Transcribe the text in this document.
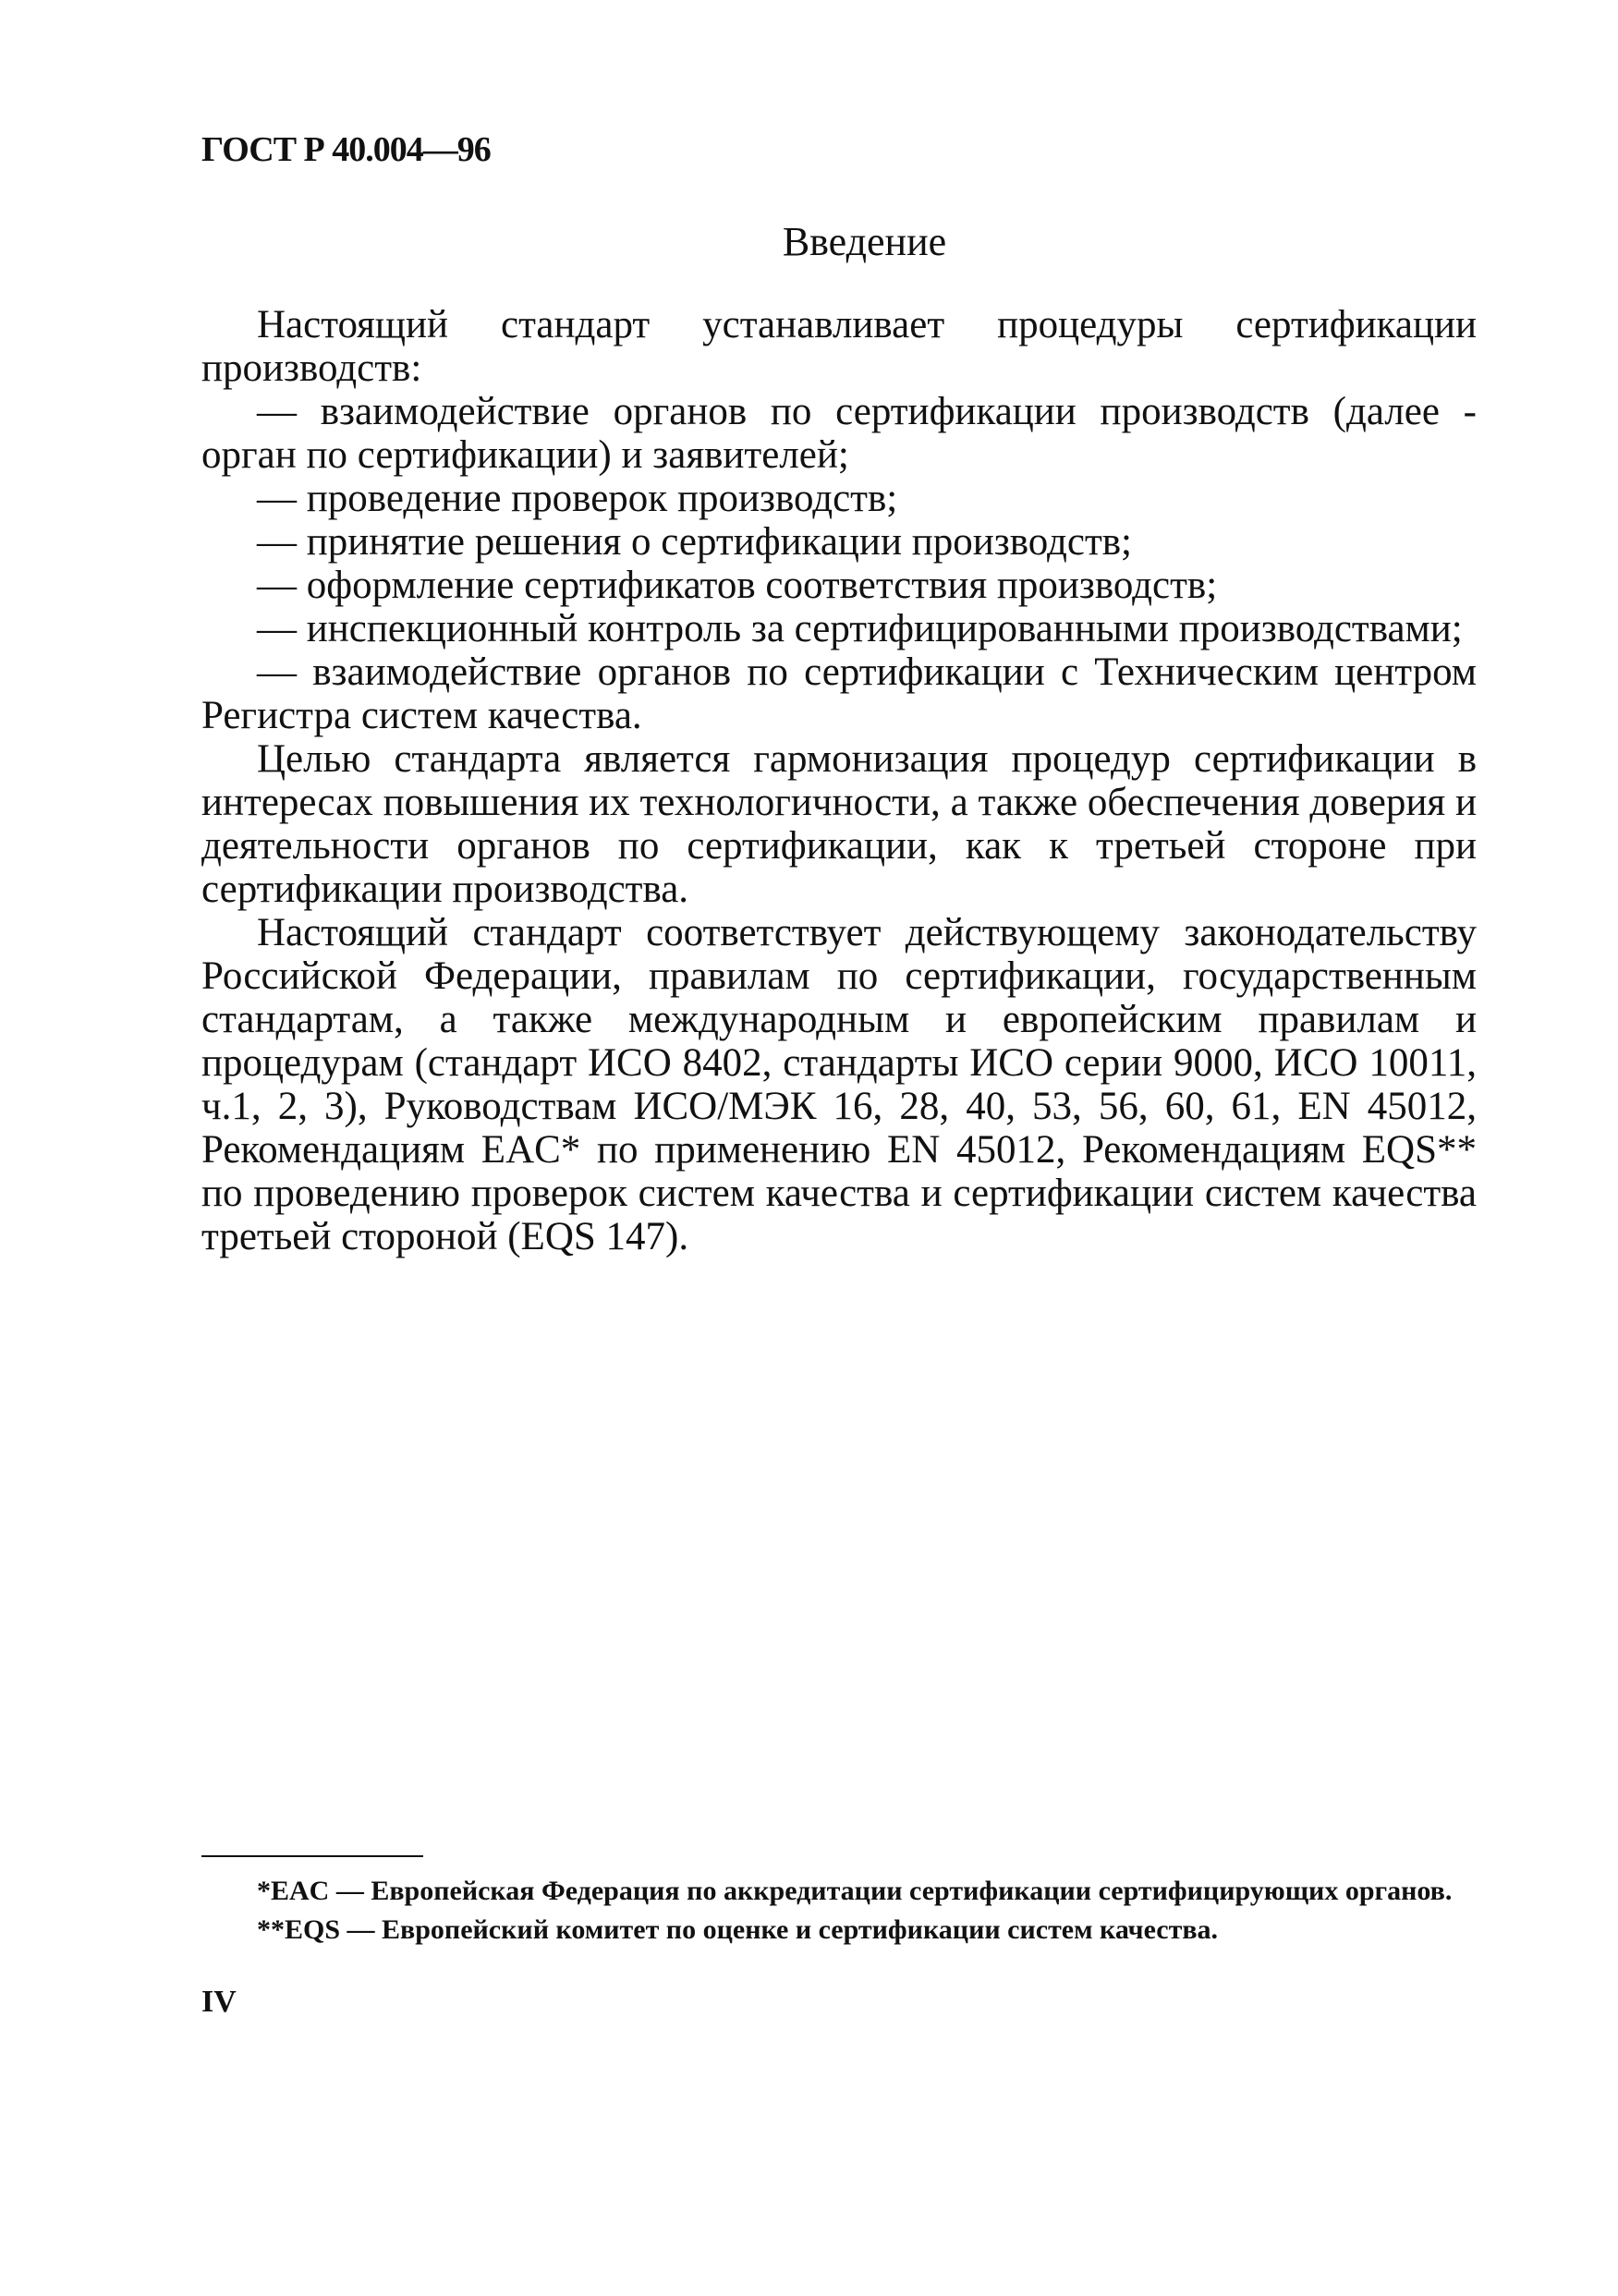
ГОСТ Р 40.004—96
Введение

Настоящий стандарт устанавливает процедуры сертификации производств:

— взаимодействие органов по сертификации производств (далее - орган по сертификации) и заявителей;

— проведение проверок производств;

— принятие решения о сертификации производств;

— оформление сертификатов соответствия производств;

— инспекционный контроль за сертифицированными производствами;

— взаимодействие органов по сертификации с Техническим центром Регистра систем качества.

Целью стандарта является гармонизация процедур сертификации в интересах повышения их технологичности, а также обеспечения доверия и деятельности органов по сертификации, как к третьей стороне при сертификации производства.

Настоящий стандарт соответствует действующему законодательству Российской Федерации, правилам по сертификации, государственным стандартам, а также международным и европейским правилам и процедурам (стандарт ИСО 8402, стандарты ИСО серии 9000, ИСО 10011, ч.1, 2, 3), Руководствам ИСО/МЭК 16, 28, 40, 53, 56, 60, 61, EN 45012, Рекомендациям EAC* по применению EN 45012, Рекомендациям EQS** по проведению проверок систем качества и сертификации систем качества третьей стороной (EQS 147).

*EAC — Европейская Федерация по аккредитации сертификации сертифицирующих органов.

**EQS — Европейский комитет по оценке и сертификации систем качества.

IV
